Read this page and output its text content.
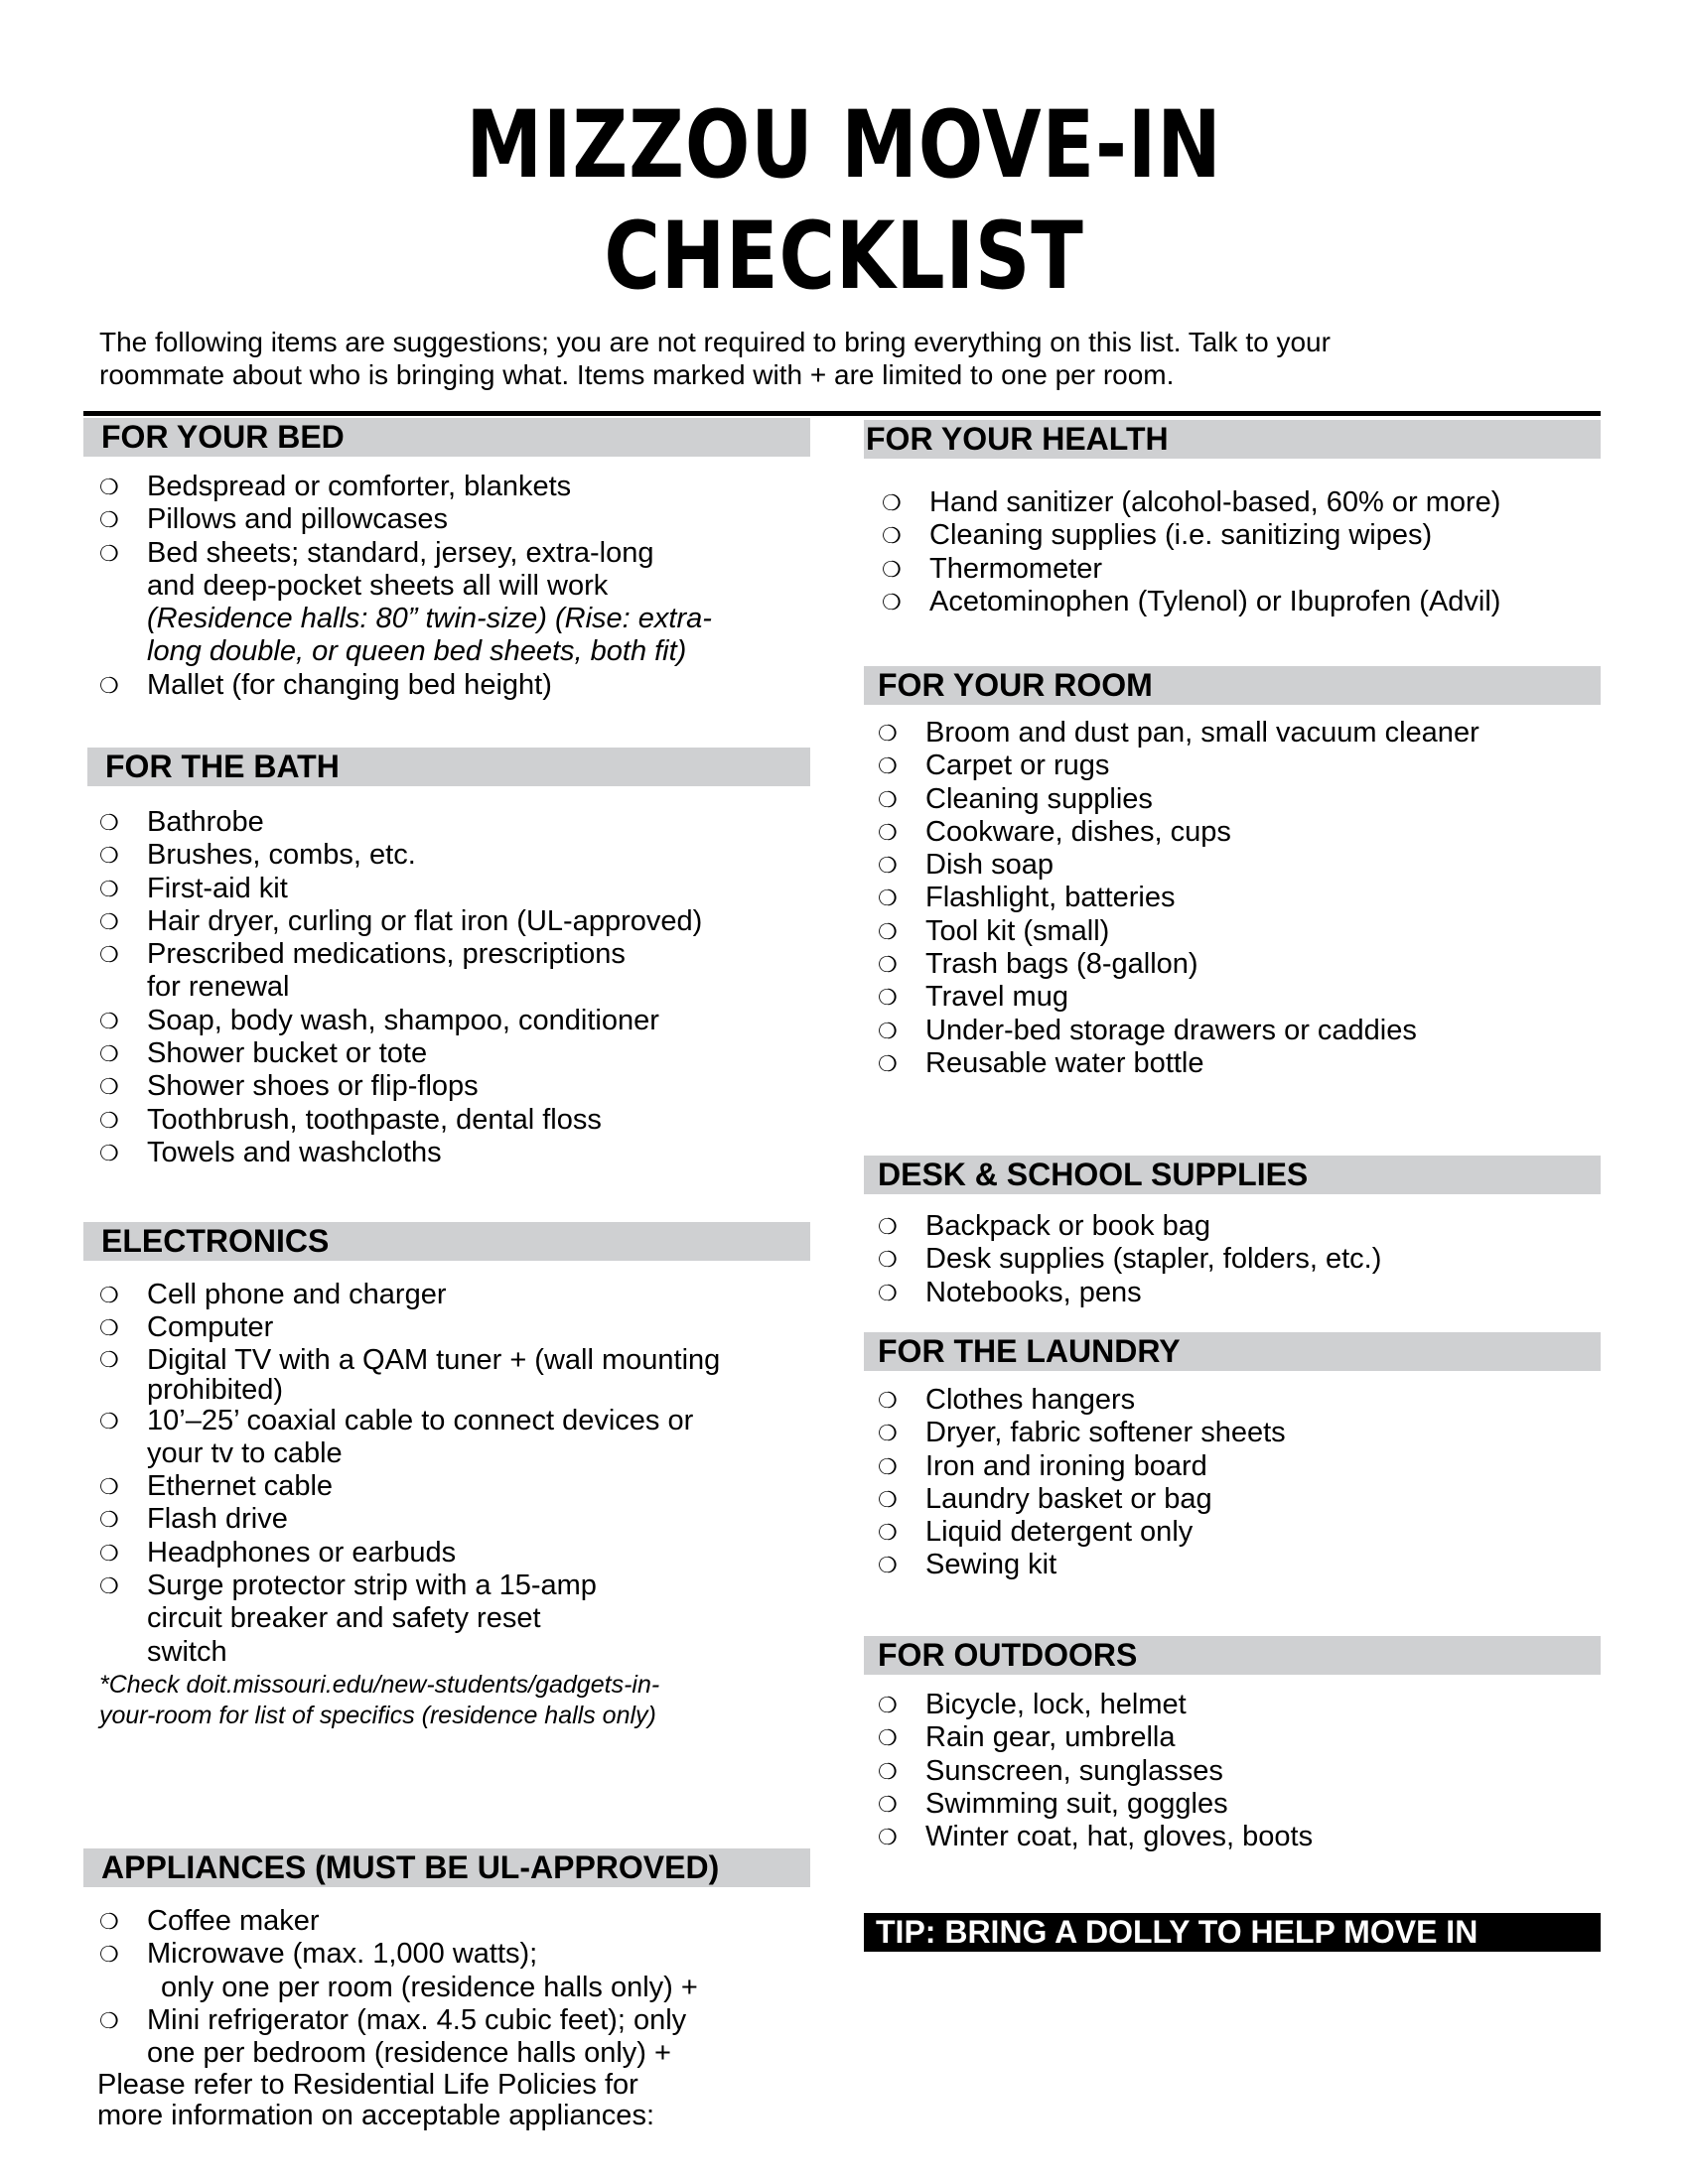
MIZZOU MOVE-IN
CHECKLIST
The following items are suggestions; you are not required to bring everything on this list. Talk to your
roommate about who is bringing what. Items marked with + are limited to one per room.
FOR YOUR BED
❍ Bedspread or comforter, blankets
❍ Pillows and pillowcases
❍ Bed sheets; standard, jersey, extra-long
and deep-pocket sheets all will work
(Residence halls: 80” twin-size) (Rise: extra-
long double, or queen bed sheets, both fit)
❍ Mallet (for changing bed height)
FOR THE BATH
❍ Bathrobe
❍ Brushes, combs, etc.
❍ First-aid kit
❍ Hair dryer, curling or flat iron (UL-approved)
❍ Prescribed medications, prescriptions
for renewal
❍ Soap, body wash, shampoo, conditioner
❍ Shower bucket or tote
❍ Shower shoes or flip-flops
❍ Toothbrush, toothpaste, dental floss
❍ Towels and washcloths
ELECTRONICS
❍ Cell phone and charger
❍ Computer
❍ Digital TV with a QAM tuner + (wall mounting
prohibited)
❍ 10’–25’ coaxial cable to connect devices or
your tv to cable
❍ Ethernet cable
❍ Flash drive
❍ Headphones or earbuds
❍ Surge protector strip with a 15-amp
circuit breaker and safety reset
switch
*Check doit.missouri.edu/new-students/gadgets-in-
your-room for list of specifics (residence halls only)
APPLIANCES (MUST BE UL-APPROVED)
❍ Coffee maker
❍ Microwave (max. 1,000 watts);
only one per room (residence halls only) +
❍ Mini refrigerator (max. 4.5 cubic feet); only
one per bedroom (residence halls only) +
Please refer to Residential Life Policies for
more information on acceptable appliances:
FOR YOUR HEALTH
❍ Hand sanitizer (alcohol-based, 60% or more)
❍ Cleaning supplies (i.e. sanitizing wipes)
❍ Thermometer
❍ Acetominophen (Tylenol) or Ibuprofen (Advil)
FOR YOUR ROOM
❍ Broom and dust pan, small vacuum cleaner
❍ Carpet or rugs
❍ Cleaning supplies
❍ Cookware, dishes, cups
❍ Dish soap
❍ Flashlight, batteries
❍ Tool kit (small)
❍ Trash bags (8-gallon)
❍ Travel mug
❍ Under-bed storage drawers or caddies
❍ Reusable water bottle
DESK & SCHOOL SUPPLIES
❍ Backpack or book bag
❍ Desk supplies (stapler, folders, etc.)
❍ Notebooks, pens
FOR THE LAUNDRY
❍ Clothes hangers
❍ Dryer, fabric softener sheets
❍ Iron and ironing board
❍ Laundry basket or bag
❍ Liquid detergent only
❍ Sewing kit
FOR OUTDOORS
❍ Bicycle, lock, helmet
❍ Rain gear, umbrella
❍ Sunscreen, sunglasses
❍ Swimming suit, goggles
❍ Winter coat, hat, gloves, boots
TIP: BRING A DOLLY TO HELP MOVE IN
